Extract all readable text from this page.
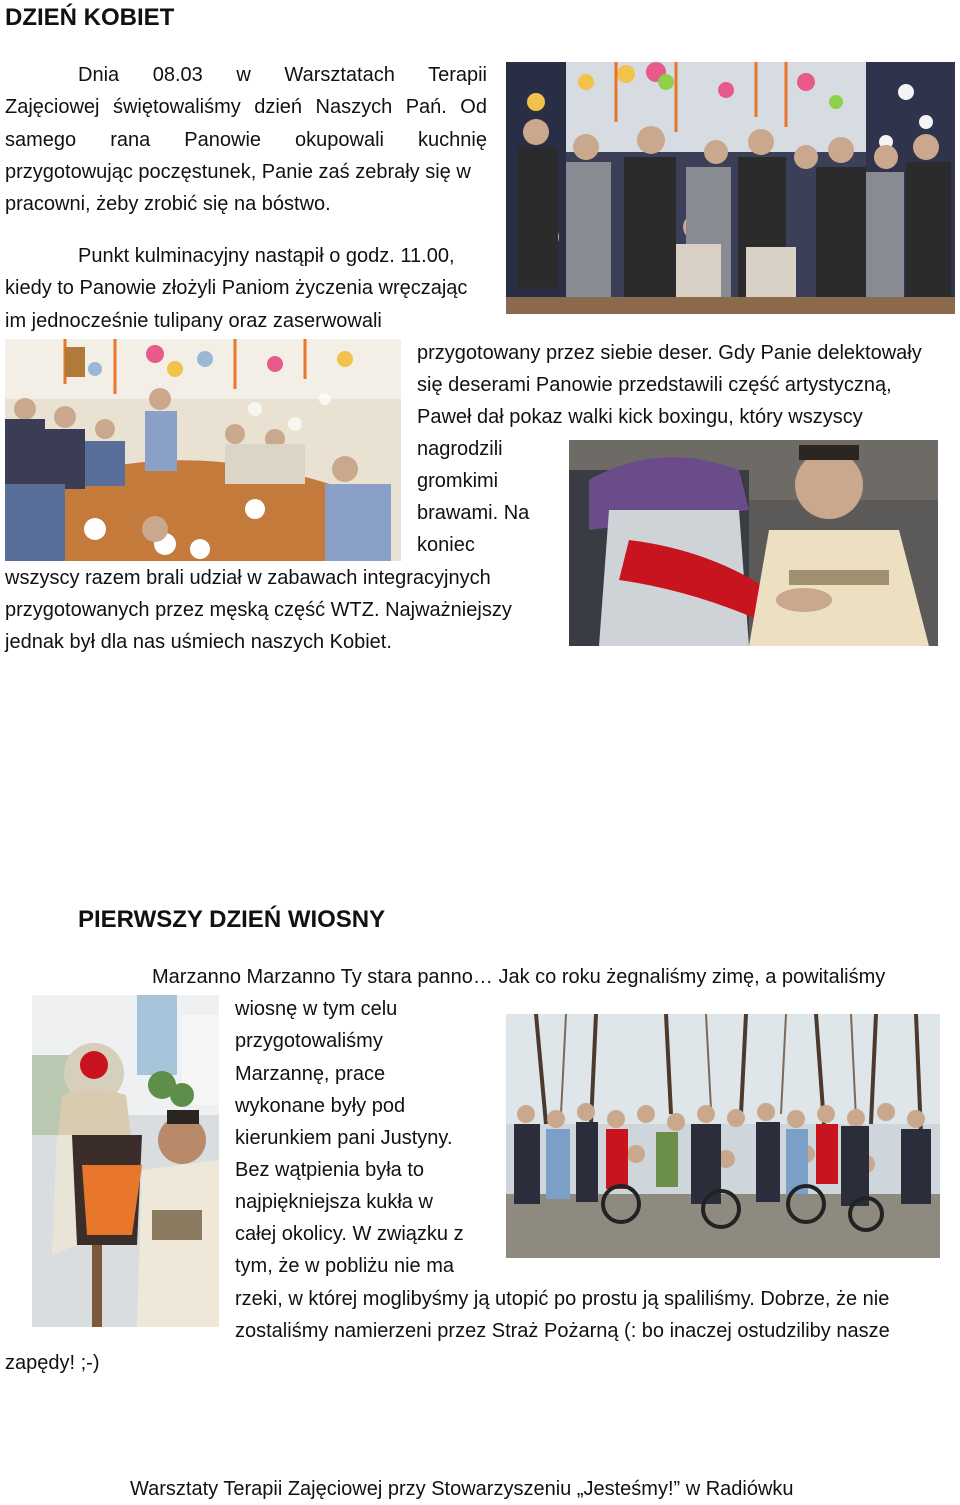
DZIEŃ KOBIET
Dnia 08.03 w Warsztatach Terapii
Zajęciowej świętowaliśmy dzień Naszych Pań. Od
samego rana Panowie okupowali kuchnię
przygotowując poczęstunek, Panie zaś zebrały się w
pracowni, żeby zrobić się na bóstwo.
Punkt kulminacyjny nastąpił o godz. 11.00,
kiedy to Panowie złożyli Paniom życzenia wręczając
im jednocześnie tulipany oraz zaserwowali
przygotowany przez siebie deser. Gdy Panie delektowały
się deserami Panowie przedstawili część artystyczną,
Paweł dał pokaz walki kick boxingu, który wszyscy
nagrodzili
gromkimi
brawami. Na
koniec
wszyscy razem brali udział w zabawach integracyjnych
przygotowanych przez męską część WTZ. Najważniejszy
jednak był dla nas uśmiech naszych Kobiet.
PIERWSZY DZIEŃ WIOSNY
Marzanno Marzanno Ty stara panno… Jak co roku żegnaliśmy zimę, a powitaliśmy
wiosnę w tym celu
przygotowaliśmy
Marzannę, prace
wykonane były pod
kierunkiem pani Justyny.
Bez wątpienia była to
najpiękniejsza kukła w
całej okolicy. W związku z
tym, że w pobliżu nie ma
rzeki, w której moglibyśmy ją utopić po prostu ją spaliliśmy. Dobrze, że nie
zostaliśmy namierzeni przez Straż Pożarną (: bo inaczej ostudziliby nasze
zapędy! ;-)
Warsztaty Terapii Zajęciowej przy Stowarzyszeniu „Jesteśmy!” w Radiówku
